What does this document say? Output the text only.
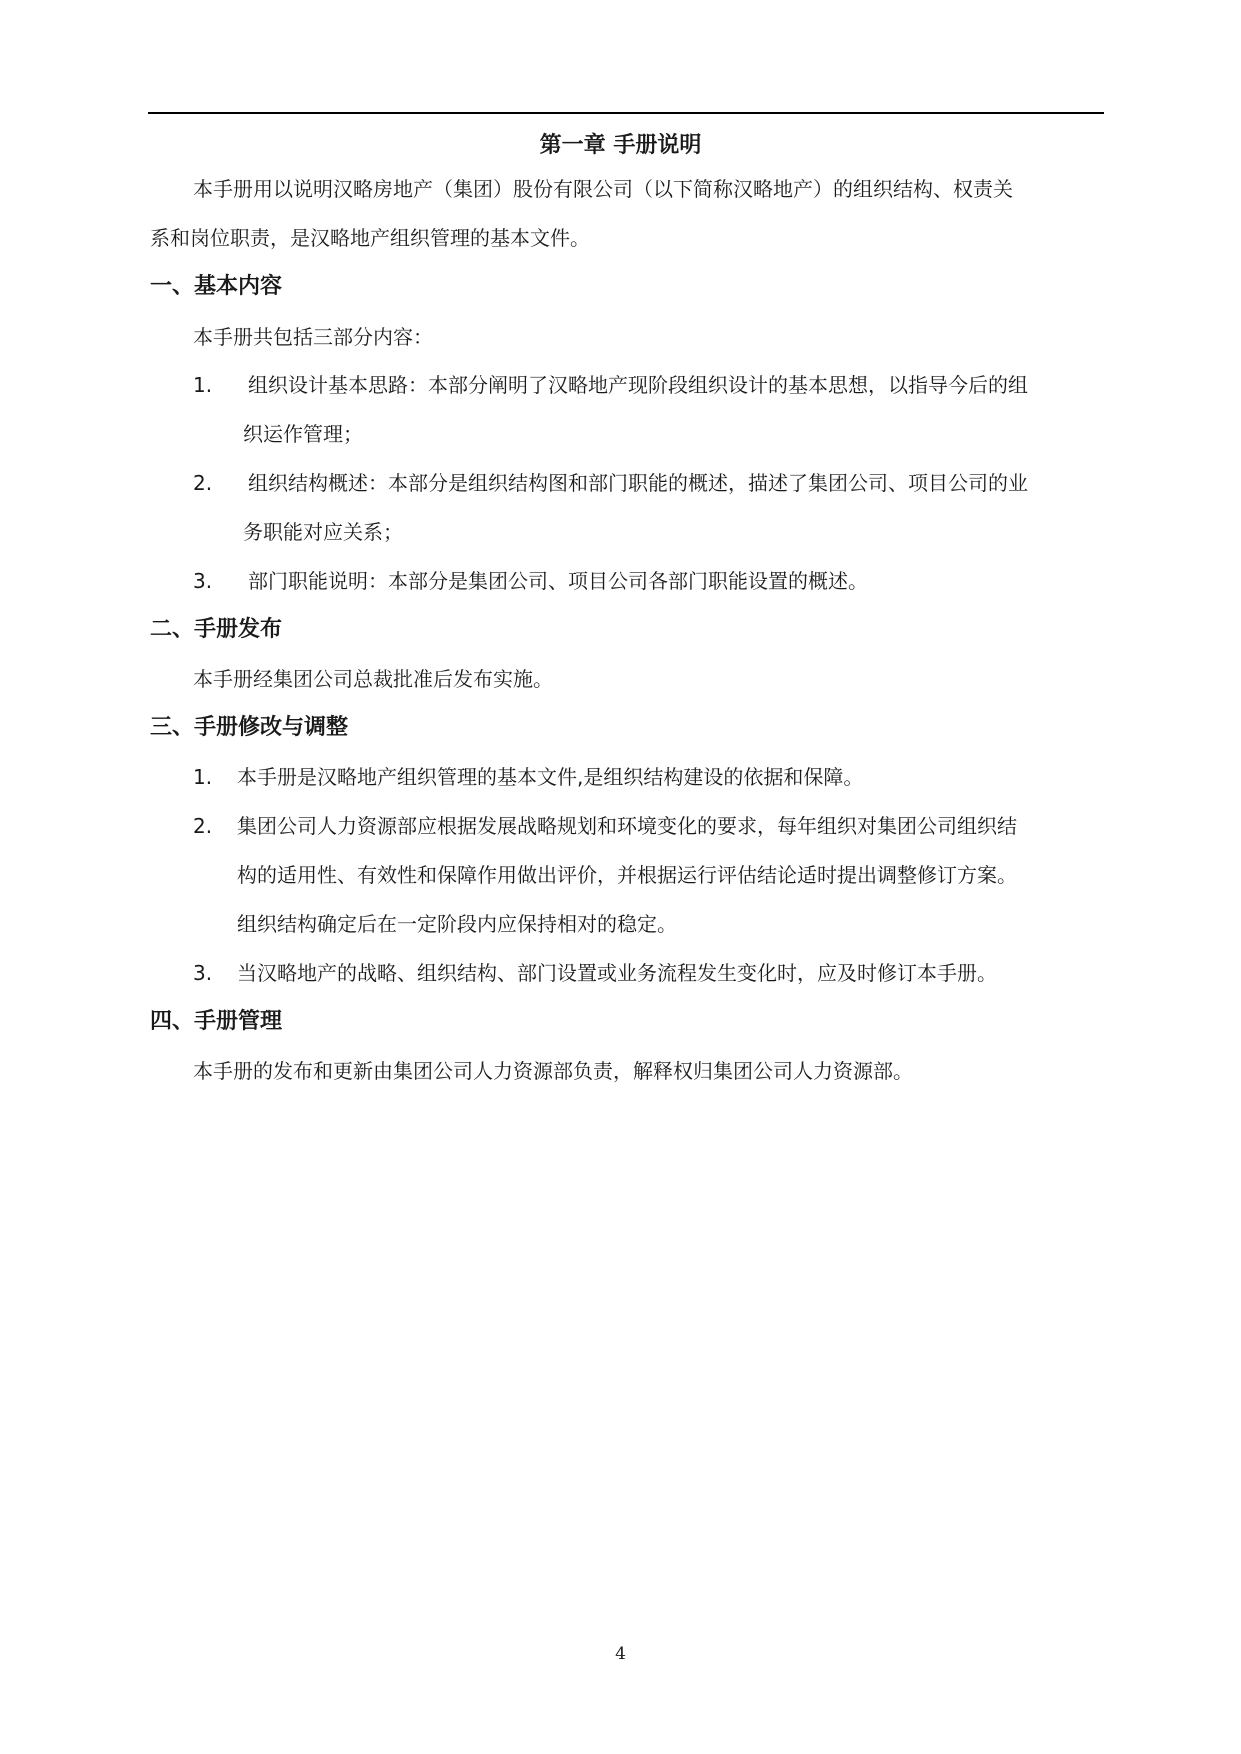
第一章 手册说明
本手册用以说明汉略房地产（集团）股份有限公司（以下简称汉略地产）的组织结构、权责关
系和岗位职责，是汉略地产组织管理的基本文件。
一、基本内容
本手册共包括三部分内容：
1.	组织设计基本思路：本部分阐明了汉略地产现阶段组织设计的基本思想，以指导今后的组
织运作管理；
2.	组织结构概述：本部分是组织结构图和部门职能的概述，描述了集团公司、项目公司的业
务职能对应关系；
3.	部门职能说明：本部分是集团公司、项目公司各部门职能设置的概述。
二、手册发布
本手册经集团公司总裁批准后发布实施。
三、手册修改与调整
1.	本手册是汉略地产组织管理的基本文件,是组织结构建设的依据和保障。
2.	集团公司人力资源部应根据发展战略规划和环境变化的要求，每年组织对集团公司组织结
构的适用性、有效性和保障作用做出评价，并根据运行评估结论适时提出调整修订方案。
组织结构确定后在一定阶段内应保持相对的稳定。
3.	当汉略地产的战略、组织结构、部门设置或业务流程发生变化时，应及时修订本手册。
四、手册管理
本手册的发布和更新由集团公司人力资源部负责，解释权归集团公司人力资源部。
4
